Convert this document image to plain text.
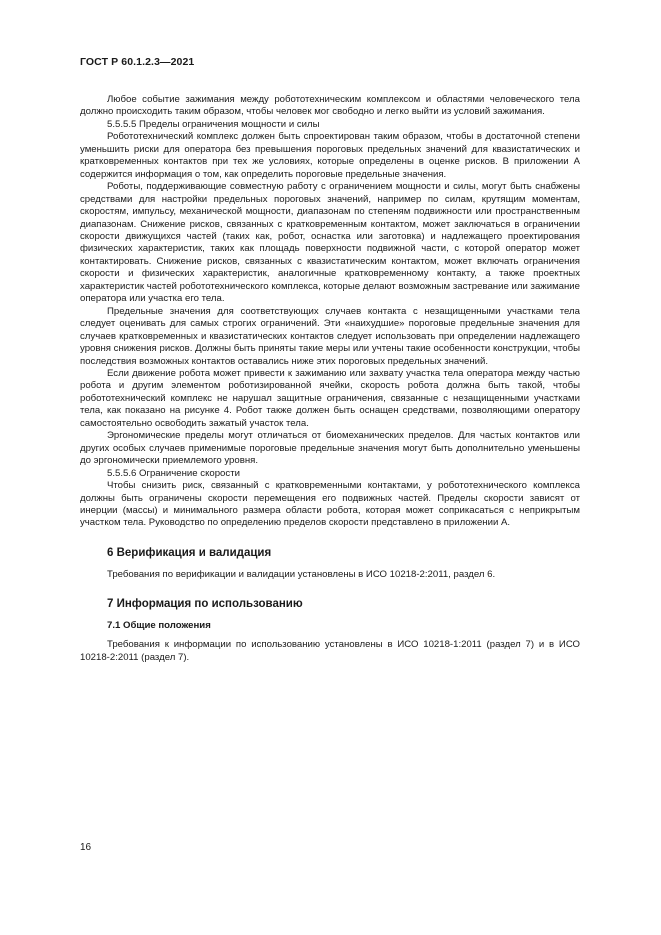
ГОСТ Р 60.1.2.3—2021

Любое событие зажимания между робототехническим комплексом и областями человеческого тела должно происходить таким образом, чтобы человек мог свободно и легко выйти из условий зажимания.

5.5.5.5 Пределы ограничения мощности и силы

Робототехнический комплекс должен быть спроектирован таким образом, чтобы в достаточной степени уменьшить риски для оператора без превышения пороговых предельных значений для квазистатических и кратковременных контактов при тех же условиях, которые определены в оценке рисков. В приложении А содержится информация о том, как определить пороговые предельные значения.

Роботы, поддерживающие совместную работу с ограничением мощности и силы, могут быть снабжены средствами для настройки предельных пороговых значений, например по силам, крутящим моментам, скоростям, импульсу, механической мощности, диапазонам по степеням подвижности или пространственным диапазонам. Снижение рисков, связанных с кратковременным контактом, может заключаться в ограничении скорости движущихся частей (таких как, робот, оснастка или заготовка) и надлежащего проектирования физических характеристик, таких как площадь поверхности подвижной части, с которой оператор может контактировать. Снижение рисков, связанных с квазистатическим контактом, может включать ограничения скорости и физических характеристик, аналогичные кратковременному контакту, а также проектных характеристик частей робототехнического комплекса, которые делают возможным застревание или зажимание оператора или участка его тела.

Предельные значения для соответствующих случаев контакта с незащищенными участками тела следует оценивать для самых строгих ограничений. Эти «наихудшие» пороговые предельные значения для случаев кратковременных и квазистатических контактов следует использовать при определении надлежащего уровня снижения рисков. Должны быть приняты такие меры или учтены такие особенности конструкции, чтобы последствия возможных контактов оставались ниже этих пороговых предельных значений.

Если движение робота может привести к зажиманию или захвату участка тела оператора между частью робота и другим элементом роботизированной ячейки, скорость робота должна быть такой, чтобы робототехнический комплекс не нарушал защитные ограничения, связанные с незащищенными участками тела, как показано на рисунке 4. Робот также должен быть оснащен средствами, позволяющими оператору самостоятельно освободить зажатый участок тела.

Эргономические пределы могут отличаться от биомеханических пределов. Для частых контактов или других особых случаев применимые пороговые предельные значения могут быть дополнительно уменьшены до эргономически приемлемого уровня.

5.5.5.6 Ограничение скорости

Чтобы снизить риск, связанный с кратковременными контактами, у робототехнического комплекса должны быть ограничены скорости перемещения его подвижных частей. Пределы скорости зависят от инерции (массы) и минимального размера области робота, которая может соприкасаться с неприкрытым участком тела. Руководство по определению пределов скорости представлено в приложении А.

6 Верификация и валидация

Требования по верификации и валидации установлены в ИСО 10218-2:2011, раздел 6.

7 Информация по использованию
7.1 Общие положения

Требования к информации по использованию установлены в ИСО 10218-1:2011 (раздел 7) и в ИСО 10218-2:2011 (раздел 7).

16
